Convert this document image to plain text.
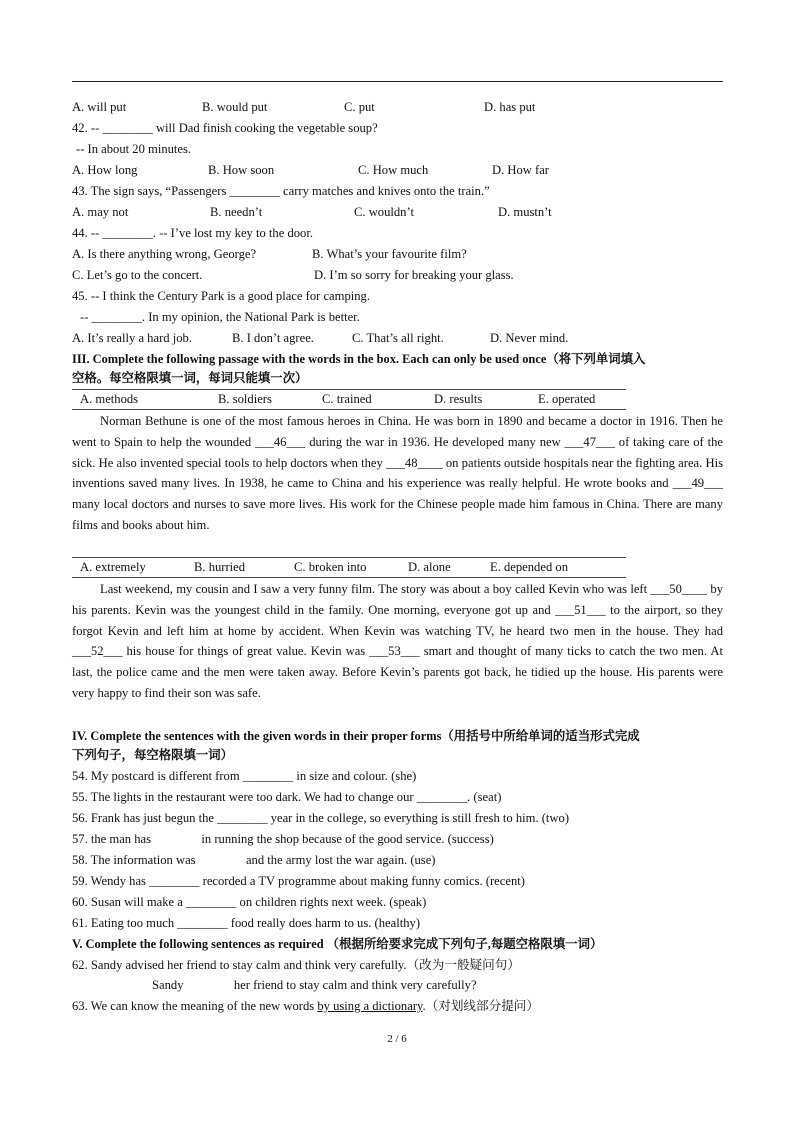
A. will put	B. would put	C. put	D. has put
42. -- ________ will Dad finish cooking the vegetable soup?
-- In about 20 minutes.
A. How long	B. How soon	C. How much	D. How far
43. The sign says, “Passengers ________ carry matches and knives onto the train.”
A. may not	B. needn’t	C. wouldn’t	D. mustn’t
44. -- ________. -- I’ve lost my key to the door.
A. Is there anything wrong, George?	B. What’s your favourite film?
C. Let’s go to the concert.	D. I’m so sorry for breaking your glass.
45. -- I think the Century Park is a good place for camping.
-- ________. In my opinion, the National Park is better.
A. It’s really a hard job.	B. I don’t agree.	C. That’s all right.	D. Never mind.
III. Complete the following passage with the words in the box. Each can only be used once（将下列单词填入
空格。每空格限填一词，每词只能填一次）
A. methods	B. soldiers	C. trained	D. results	E. operated
Norman Bethune is one of the most famous heroes in China. He was born in 1890 and became a doctor in 1916. Then he went to Spain to help the wounded ___46___ during the war in 1936. He developed many new ___47___ of taking care of the sick. He also invented special tools to help doctors when they ___48____ on patients outside hospitals near the fighting area. His inventions saved many lives. In 1938, he came to China and his experience was really helpful. He wrote books and ___49___ many local doctors and nurses to save more lives. His work for the Chinese people made him famous in China. There are many films and books about him.
A. extremely	B. hurried	C. broken into	D. alone	E. depended on
Last weekend, my cousin and I saw a very funny film. The story was about a boy called Kevin who was left ___50____ by his parents. Kevin was the youngest child in the family. One morning, everyone got up and ___51___ to the airport, so they forgot Kevin and left him at home by accident. When Kevin was watching TV, he heard two men in the house. They had ___52___ his house for things of great value. Kevin was ___53___ smart and thought of many ticks to catch the two men. At last, the police came and the men were taken away. Before Kevin’s parents got back, he tidied up the house. His parents were very happy to find their son was safe.
IV. Complete the sentences with the given words in their proper forms（用括号中所给单词的适当形式完成
下列句子，每空格限填一词）
54. My postcard is different from ________ in size and colour. (she)
55. The lights in the restaurant were too dark. We had to change our ________. (seat)
56. Frank has just begun the ________ year in the college, so everything is still fresh to him. (two)
57. the man has                in running the shop because of the good service. (success)
58. The information was                and the army lost the war again. (use)
59. Wendy has ________ recorded a TV programme about making funny comics. (recent)
60. Susan will make a ________ on children rights next week. (speak)
61. Eating too much ________ food really does harm to us. (healthy)
V. Complete the following sentences as required （根据所给要求完成下列句子,每题空格限填一词）
62. Sandy advised her friend to stay calm and think very carefully.（改为一般疑问句）
Sandy                her friend to stay calm and think very carefully?
63. We can know the meaning of the new words by using a dictionary.（对划线部分提问）
2 / 6
